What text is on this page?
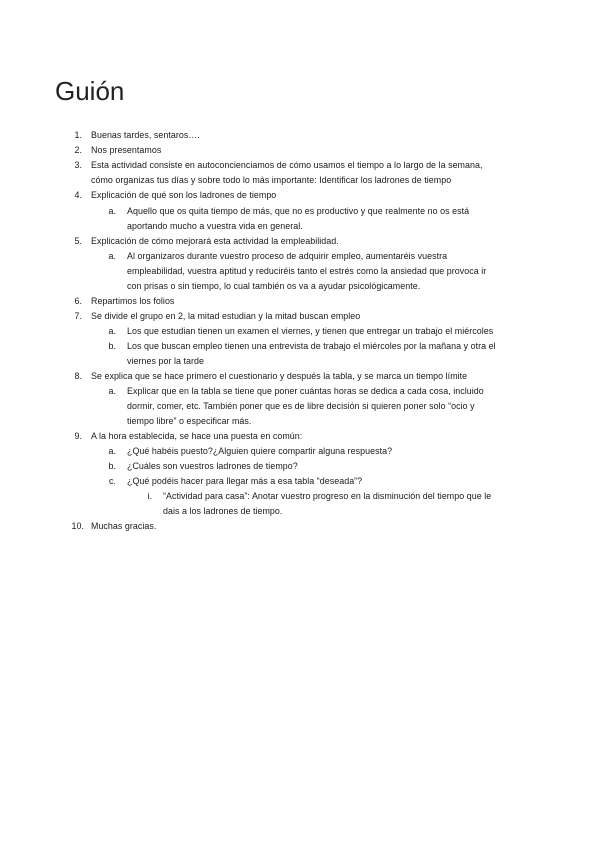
Guión
1. Buenas tardes, sentaros….
2. Nos presentamos
3. Esta actividad consiste en autoconcienciamos de cómo usamos el tiempo a lo largo de la semana,
cómo organizas tus días y sobre todo lo más importante: Identificar los ladrones de tiempo
4. Explicación de qué son los ladrones de tiempo
a. Aquello que os quita tiempo de más, que no es productivo y que realmente no os está
aportando mucho a vuestra vida en general.
5. Explicación de cómo mejorará esta actividad la empleabilidad.
a. Al organizaros durante vuestro proceso de adquirir empleo, aumentaréis vuestra
empleabilidad, vuestra aptitud y reduciréis tanto el estrés como la ansiedad que provoca ir
con prisas o sin tiempo, lo cual también os va a ayudar psicológicamente.
6. Repartimos los folios
7. Se divide el grupo en 2, la mitad estudian y la mitad buscan empleo
a. Los que estudian tienen un examen el viernes, y tienen que entregar un trabajo el miércoles
b. Los que buscan empleo tienen una entrevista de trabajo el miércoles por la mañana y otra el
viernes por la tarde
8. Se explica que se hace primero el cuestionario y después la tabla, y se marca un tiempo límite
a. Explicar que en la tabla se tiene que poner cuántas horas se dedica a cada cosa, incluido
dormir, comer, etc. También poner que es de libre decisión si quieren poner solo “ocio y
tiempo libre” o especificar más.
9. A la hora establecida, se hace una puesta en común:
a. ¿Qué habéis puesto?¿Alguien quiere compartir alguna respuesta?
b. ¿Cuáles son vuestros ladrones de tiempo?
c. ¿Qué podéis hacer para llegar más a esa tabla “deseada”?
i. “Actividad para casa”: Anotar vuestro progreso en la disminución del tiempo que le
dais a los ladrones de tiempo.
10. Muchas gracias.
